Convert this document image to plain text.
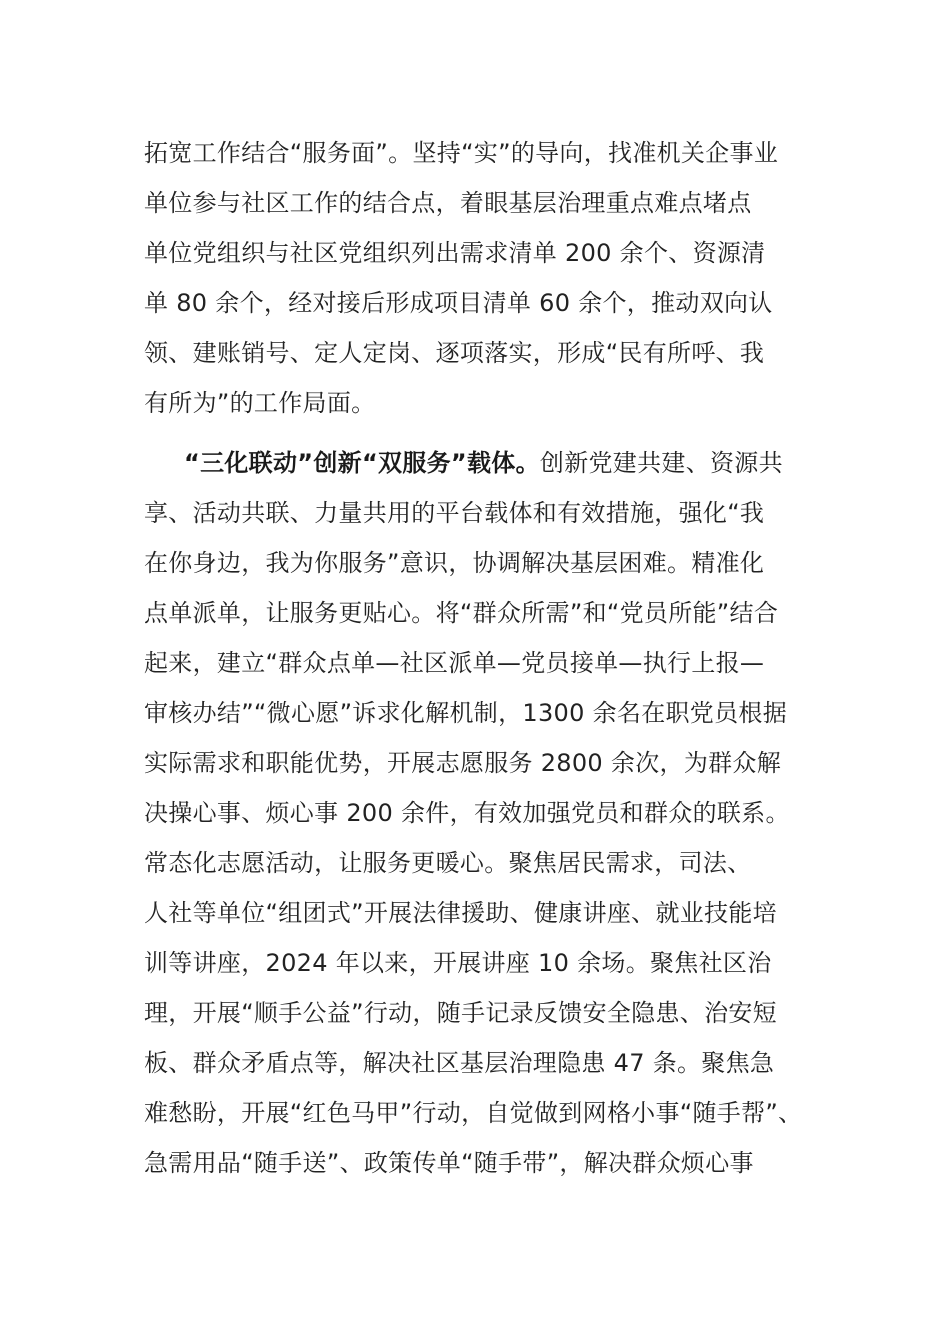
拓宽工作结合“服务面”。坚持“实”的导向，找准机关企事业
单位参与社区工作的结合点，着眼基层治理重点难点堵点
单位党组织与社区党组织列出需求清单 200 余个、资源清
单 80 余个，经对接后形成项目清单 60 余个，推动双向认
领、建账销号、定人定岗、逐项落实，形成“民有所呼、我
有所为”的工作局面。
“三化联动”创新“双服务”载体。创新党建共建、资源共
享、活动共联、力量共用的平台载体和有效措施，强化“我
在你身边，我为你服务”意识，协调解决基层困难。精准化
点单派单，让服务更贴心。将“群众所需”和“党员所能”结合
起来，建立“群众点单—社区派单—党员接单—执行上报—
审核办结”“微心愿”诉求化解机制，1300 余名在职党员根据
实际需求和职能优势，开展志愿服务 2800 余次，为群众解
决操心事、烦心事 200 余件，有效加强党员和群众的联系。
常态化志愿活动，让服务更暖心。聚焦居民需求，司法、
人社等单位“组团式”开展法律援助、健康讲座、就业技能培
训等讲座，2024 年以来，开展讲座 10 余场。聚焦社区治
理，开展“顺手公益”行动，随手记录反馈安全隐患、治安短
板、群众矛盾点等，解决社区基层治理隐患 47 条。聚焦急
难愁盼，开展“红色马甲”行动，自觉做到网格小事“随手帮”、
急需用品“随手送”、政策传单“随手带”，解决群众烦心事
